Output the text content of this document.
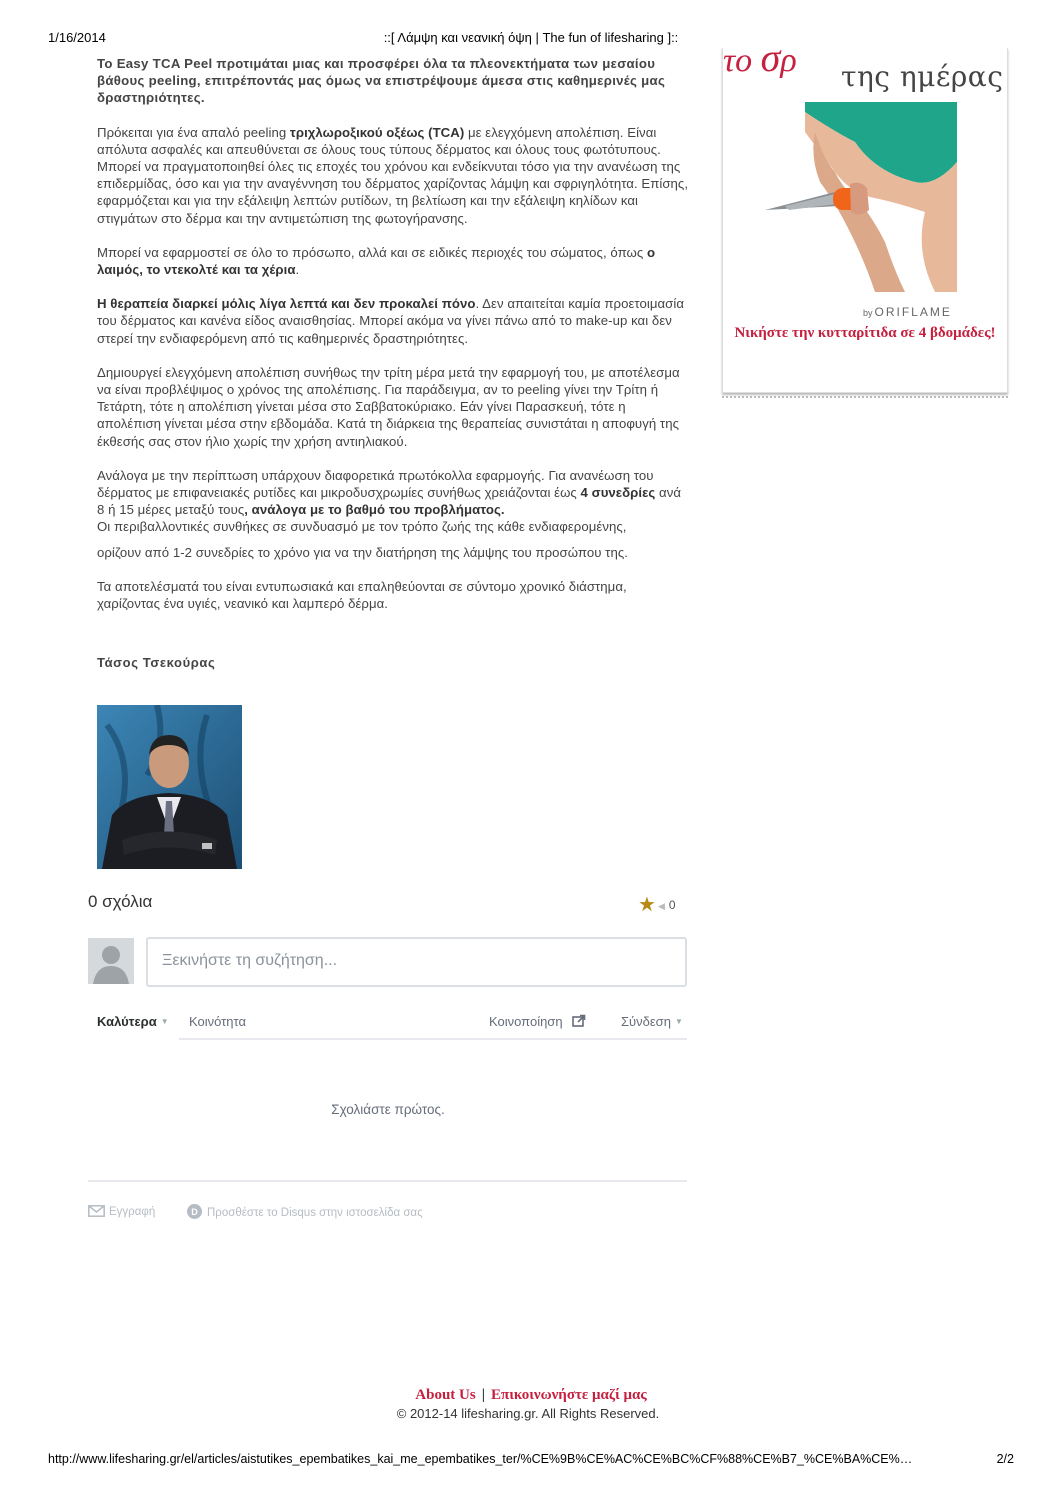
1/16/2014	::[ Λάμψη και νεανική όψη | The fun of lifesharing ]::

Το Easy TCA Peel προτιμάται μιας και προσφέρει όλα τα πλεονεκτήματα των μεσαίου βάθους peeling, επιτρέποντάς μας όμως να επιστρέψουμε άμεσα στις καθημερινές μας δραστηριότητες.

Πρόκειται για ένα απαλό peeling τριχλωροξικού οξέως (TCA) με ελεγχόμενη απολέπιση. Είναι απόλυτα ασφαλές και απευθύνεται σε όλους τους τύπους δέρματος και όλους τους φωτότυπους. Μπορεί να πραγματοποιηθεί όλες τις εποχές του χρόνου και ενδείκνυται τόσο για την ανανέωση της επιδερμίδας, όσο και για την αναγέννηση του δέρματος χαρίζοντας λάμψη και σφριγηλότητα. Επίσης, εφαρμόζεται και για την εξάλειψη λεπτών ρυτίδων, τη βελτίωση και την εξάλειψη κηλίδων και στιγμάτων στο δέρμα και την αντιμετώπιση της φωτογήρανσης.

Μπορεί να εφαρμοστεί σε όλο το πρόσωπο, αλλά και σε ειδικές περιοχές του σώματος, όπως ο λαιμός, το ντεκολτέ και τα χέρια.

Η θεραπεία διαρκεί μόλις λίγα λεπτά και δεν προκαλεί πόνο. Δεν απαιτείται καμία προετοιμασία του δέρματος και κανένα είδος αναισθησίας. Μπορεί ακόμα να γίνει πάνω από το make-up και δεν στερεί την ενδιαφερόμενη από τις καθημερινές δραστηριότητες.

Δημιουργεί ελεγχόμενη απολέπιση συνήθως την τρίτη μέρα μετά την εφαρμογή του, με αποτέλεσμα να είναι προβλέψιμος ο χρόνος της απολέπισης. Για παράδειγμα, αν το peeling γίνει την Τρίτη ή Τετάρτη, τότε η απολέπιση γίνεται μέσα στο Σαββατοκύριακο. Εάν γίνει Παρασκευή, τότε η απολέπιση γίνεται μέσα στην εβδομάδα. Κατά τη διάρκεια της θεραπείας συνιστάται η αποφυγή της έκθεσής σας στον ήλιο χωρίς την χρήση αντιηλιακού.

Ανάλογα με την περίπτωση υπάρχουν διαφορετικά πρωτόκολλα εφαρμογής. Για ανανέωση του δέρματος με επιφανειακές ρυτίδες και μικροδυσχρωμίες συνήθως χρειάζονται έως 4 συνεδρίες ανά 8 ή 15 μέρες μεταξύ τους, ανάλογα με το βαθμό του προβλήματος.
Οι περιβαλλοντικές συνθήκες σε συνδυασμό με τον τρόπο ζωής της κάθε ενδιαφερομένης,

ορίζουν από 1-2 συνεδρίες το χρόνο για να την διατήρηση της λάμψης του προσώπου της.

Τα αποτελέσματά του είναι εντυπωσιακά και επαληθεύονται σε σύντομο χρονικό διάστημα, χαρίζοντας ένα υγιές, νεανικό και λαμπερό δέρμα.

Τάσος Τσεκούρας
το σρ της ημέρας
by ORIFLAME
Νικήστε την κυτταρίτιδα σε 4 βδομάδες!
0 σχόλια	★ ◀ 0
Ξεκινήστε τη συζήτηση...
Καλύτερα ▼ Κοινότητα	Κοινοποίηση	Σύνδεση ▼
Σχολιάστε πρώτος.
Εγγραφή	D Προσθέστε το Disqus στην ιστοσελίδα σας
About Us | Επικοινωνήστε μαζί μας
© 2012-14 lifesharing.gr. All Rights Reserved.
http://www.lifesharing.gr/el/articles/aistutikes_epembatikes_kai_me_epembatikes_ter/%CE%9B%CE%AC%CE%BC%CF%88%CE%B7_%CE%BA%CE%…	2/2
